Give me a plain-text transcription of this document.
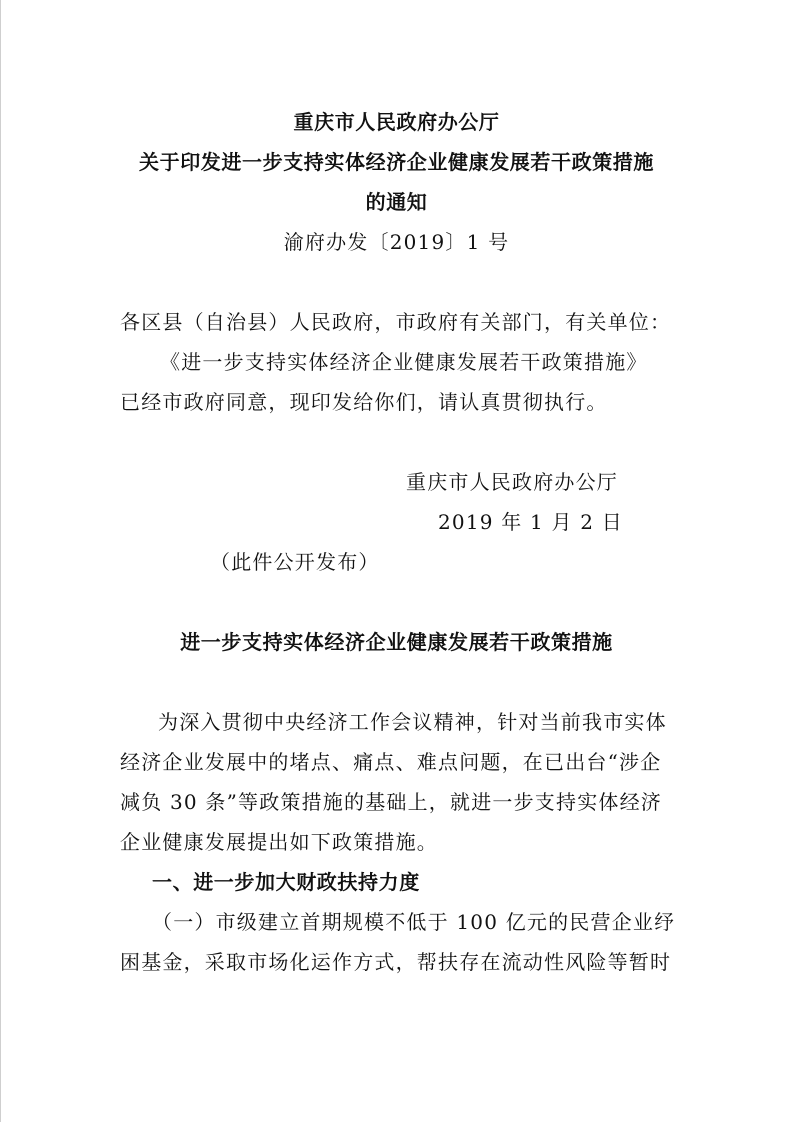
重庆市人民政府办公厅
关于印发进一步支持实体经济企业健康发展若干政策措施
的通知
渝府办发〔2019〕1 号
各区县（自治县）人民政府，市政府有关部门，有关单位：
《进一步支持实体经济企业健康发展若干政策措施》
已经市政府同意，现印发给你们，请认真贯彻执行。
重庆市人民政府办公厅
2019 年 1 月 2 日
（此件公开发布）
进一步支持实体经济企业健康发展若干政策措施
为深入贯彻中央经济工作会议精神，针对当前我市实体
经济企业发展中的堵点、痛点、难点问题，在已出台“涉企
减负 30 条”等政策措施的基础上，就进一步支持实体经济
企业健康发展提出如下政策措施。
一、进一步加大财政扶持力度
（一）市级建立首期规模不低于 100 亿元的民营企业纾
困基金，采取市场化运作方式，帮扶存在流动性风险等暂时
